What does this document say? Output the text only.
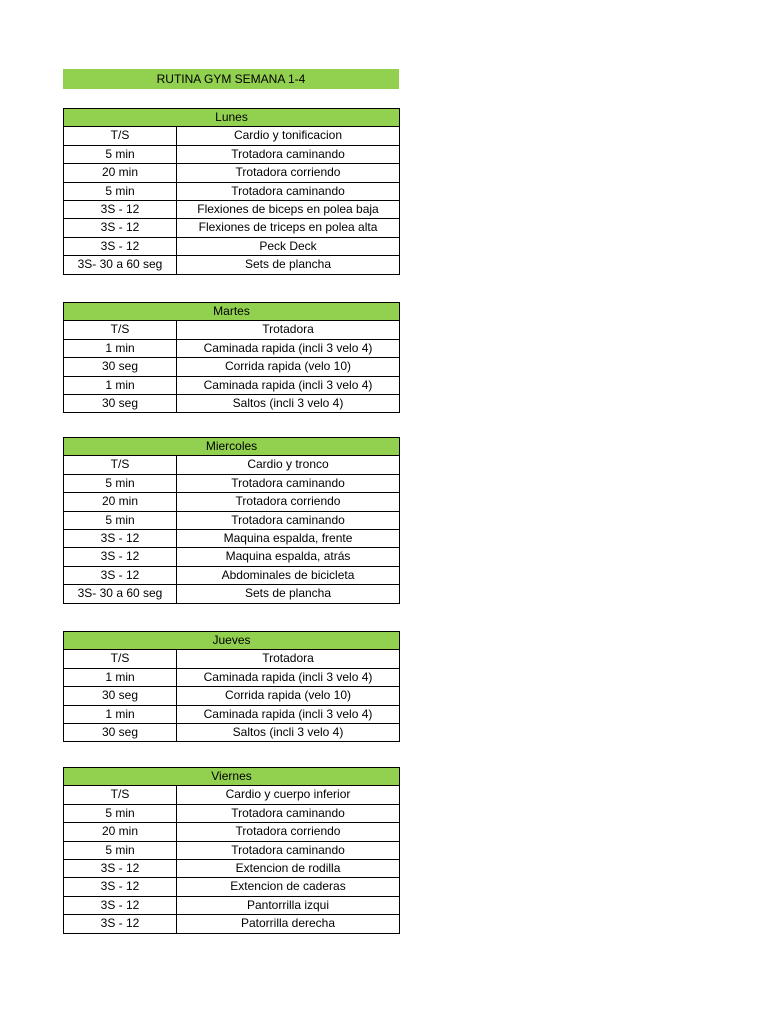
RUTINA GYM SEMANA 1-4
Lunes	
T/S	Cardio y tonificacion
5 min	Trotadora caminando
20 min	Trotadora corriendo
5 min	Trotadora caminando
3S - 12	Flexiones de biceps en polea baja
3S - 12	Flexiones de triceps en polea alta
3S - 12	Peck Deck
3S- 30 a 60 seg	Sets de plancha
Martes	
T/S	Trotadora
1 min	Caminada rapida (incli 3 velo 4)
30 seg	Corrida rapida (velo 10)
1 min	Caminada rapida (incli 3 velo 4)
30 seg	Saltos (incli 3 velo 4)
Miercoles	
T/S	Cardio y tronco
5 min	Trotadora caminando
20 min	Trotadora corriendo
5 min	Trotadora caminando
3S - 12	Maquina espalda, frente
3S - 12	Maquina espalda, atrás
3S - 12	Abdominales de bicicleta
3S- 30 a 60 seg	Sets de plancha
Jueves	
T/S	Trotadora
1 min	Caminada rapida (incli 3 velo 4)
30 seg	Corrida rapida (velo 10)
1 min	Caminada rapida (incli 3 velo 4)
30 seg	Saltos (incli 3 velo 4)
Viernes	
T/S	Cardio y cuerpo inferior
5 min	Trotadora caminando
20 min	Trotadora corriendo
5 min	Trotadora caminando
3S - 12	Extencion de rodilla
3S - 12	Extencion de caderas
3S - 12	Pantorrilla izqui
3S - 12	Patorrilla derecha
